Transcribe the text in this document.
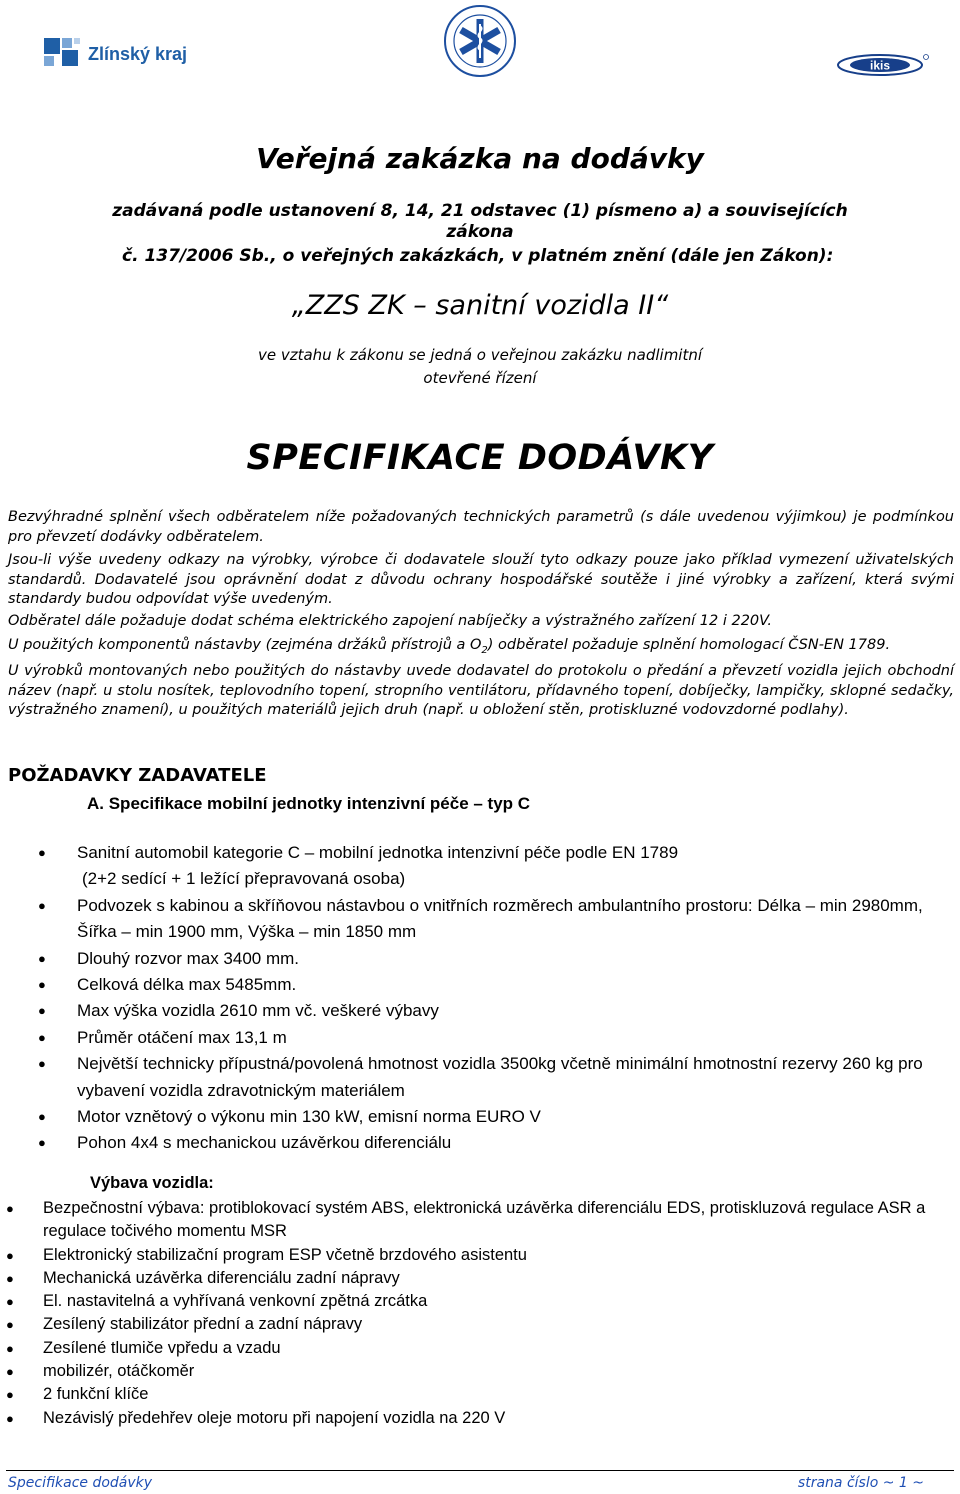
Zlínský kraj
ikis
Veřejná zakázka na dodávky
zadávaná podle ustanovení 8, 14, 21 odstavec (1) písmeno a) a souvisejících
zákona
č. 137/2006 Sb., o veřejných zakázkách, v platném znění (dále jen Zákon):
„ZZS ZK – sanitní vozidla II“
ve vztahu k zákonu se jedná o veřejnou zakázku nadlimitní
otevřené řízení
SPECIFIKACE DODÁVKY
Bezvýhradné splnění všech odběratelem níže požadovaných technických parametrů (s dále uvedenou výjimkou) je podmínkou pro převzetí dodávky odběratelem.
Jsou-li výše uvedeny odkazy na výrobky, výrobce či dodavatele slouží tyto odkazy pouze jako příklad vymezení uživatelských standardů. Dodavatelé jsou oprávnění dodat z důvodu ochrany hospodářské soutěže i jiné výrobky a zařízení, která svými standardy budou odpovídat výše uvedeným.
Odběratel dále požaduje dodat schéma elektrického zapojení nabíječky a výstražného zařízení 12 i 220V.
U použitých komponentů nástavby (zejména držáků přístrojů a $O_2$) odběratel požaduje splnění homologací ČSN-EN 1789.
U výrobků montovaných nebo použitých do nástavby uvede dodavatel do protokolu o předání a převzetí vozidla jejich obchodní název (např. u stolu nosítek, teplovodního topení, stropního ventilátoru, přídavného topení, dobíječky, lampičky, sklopné sedačky, výstražného znamení), u použitých materiálů jejich druh (např. u obložení stěn, protiskluzné vodovzdorné podlahy).
POŽADAVKY ZADAVATELE
A. Specifikace mobilní jednotky intenzivní péče – typ C
● Sanitní automobil kategorie C – mobilní jednotka intenzivní péče podle EN 1789
(2+2 sedící + 1 ležící přepravovaná osoba)
● Podvozek s kabinou a skříňovou nástavbou o vnitřních rozměrech ambulantního prostoru: Délka – min 2980mm, Šířka – min 1900 mm, Výška – min 1850 mm
● Dlouhý rozvor max 3400 mm.
● Celková délka max 5485mm.
● Max výška vozidla 2610 mm vč. veškeré výbavy
● Průměr otáčení max 13,1 m
● Největší technicky přípustná/povolená hmotnost vozidla 3500kg včetně minimální hmotnostní rezervy 260 kg pro vybavení vozidla zdravotnickým materiálem
● Motor vznětový o výkonu min 130 kW, emisní norma EURO V
● Pohon 4x4 s mechanickou uzávěrkou diferenciálu
Výbava vozidla:
● Bezpečnostní výbava: protiblokovací systém ABS, elektronická uzávěrka diferenciálu EDS, protiskluzová regulace ASR a regulace točivého momentu MSR
● Elektronický stabilizační program ESP včetně brzdového asistentu
● Mechanická uzávěrka diferenciálu zadní nápravy
● El. nastavitelná a vyhřívaná venkovní zpětná zrcátka
● Zesílený stabilizátor přední a zadní nápravy
● Zesílené tlumiče vpředu a vzadu
● mobilizér, otáčkoměr
● 2 funkční klíče
● Nezávislý předehřev oleje motoru při napojení vozidla na 220 V
Specifikace dodávky	strana číslo ~ 1 ~
